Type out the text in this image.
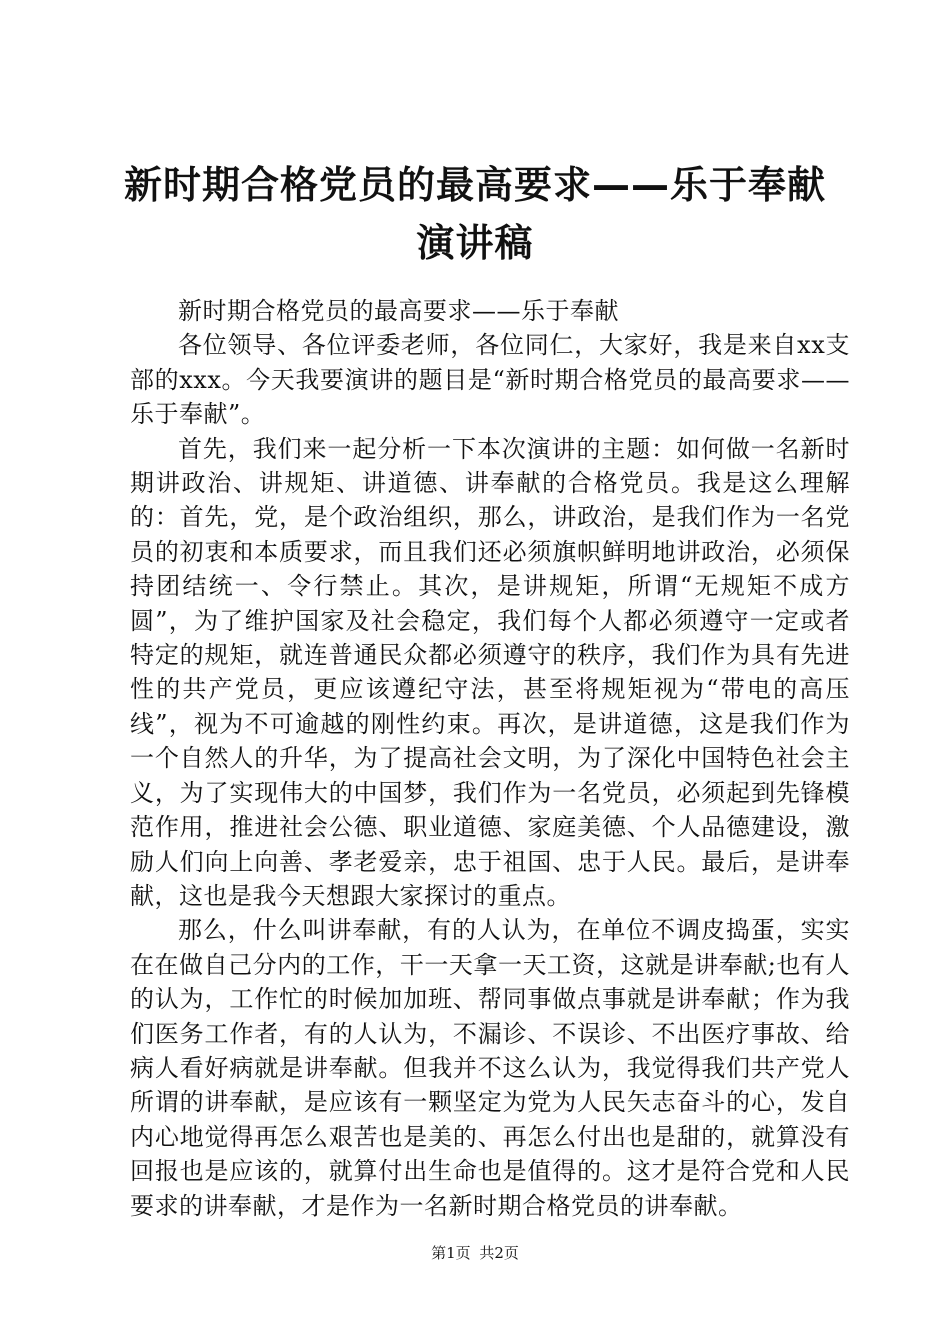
新时期合格党员的最高要求——乐于奉献演讲稿

新时期合格党员的最高要求——乐于奉献

各位领导、各位评委老师，各位同仁，大家好，我是来自xx支部的xxx。今天我要演讲的题目是“新时期合格党员的最高要求——乐于奉献”。

首先，我们来一起分析一下本次演讲的主题：如何做一名新时期讲政治、讲规矩、讲道德、讲奉献的合格党员。我是这么理解的：首先，党，是个政治组织，那么，讲政治，是我们作为一名党员的初衷和本质要求，而且我们还必须旗帜鲜明地讲政治，必须保持团结统一、令行禁止。其次，是讲规矩，所谓“无规矩不成方圆”，为了维护国家及社会稳定，我们每个人都必须遵守一定或者特定的规矩，就连普通民众都必须遵守的秩序，我们作为具有先进性的共产党员，更应该遵纪守法，甚至将规矩视为“带电的高压线”，视为不可逾越的刚性约束。再次，是讲道德，这是我们作为一个自然人的升华，为了提高社会文明，为了深化中国特色社会主义，为了实现伟大的中国梦，我们作为一名党员，必须起到先锋模范作用，推进社会公德、职业道德、家庭美德、个人品德建设，激励人们向上向善、孝老爱亲，忠于祖国、忠于人民。最后，是讲奉献，这也是我今天想跟大家探讨的重点。

那么，什么叫讲奉献，有的人认为，在单位不调皮捣蛋，实实在在做自己分内的工作，干一天拿一天工资，这就是讲奉献;也有人的认为，工作忙的时候加加班、帮同事做点事就是讲奉献；作为我们医务工作者，有的人认为，不漏诊、不误诊、不出医疗事故、给病人看好病就是讲奉献。但我并不这么认为，我觉得我们共产党人所谓的讲奉献，是应该有一颗坚定为党为人民矢志奋斗的心，发自内心地觉得再怎么艰苦也是美的、再怎么付出也是甜的，就算没有回报也是应该的，就算付出生命也是值得的。这才是符合党和人民要求的讲奉献，才是作为一名新时期合格党员的讲奉献。

第1页 共2页
